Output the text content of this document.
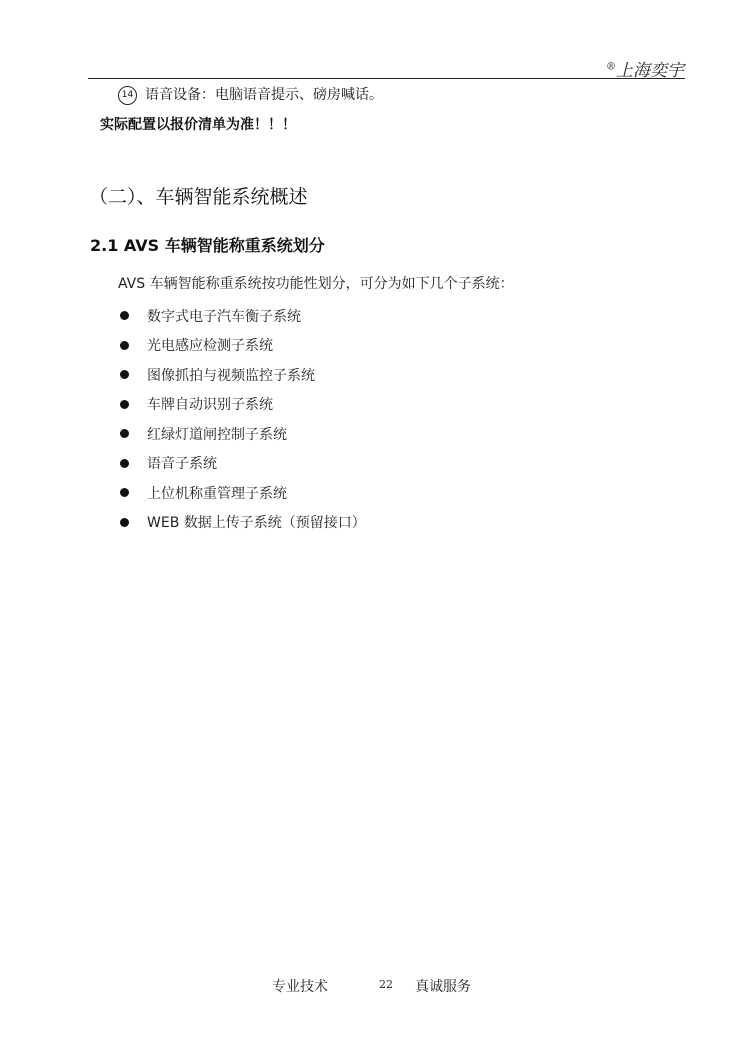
®上海奕宇
14 语音设备：电脑语音提示、磅房喊话。
实际配置以报价清单为准！！！
（二）、车辆智能系统概述
2.1 AVS 车辆智能称重系统划分
AVS 车辆智能称重系统按功能性划分，可分为如下几个子系统：
数字式电子汽车衡子系统
光电感应检测子系统
图像抓拍与视频监控子系统
车牌自动识别子系统
红绿灯道闸控制子系统
语音子系统
上位机称重管理子系统
WEB 数据上传子系统（预留接口）
专业技术	22 真诚服务
